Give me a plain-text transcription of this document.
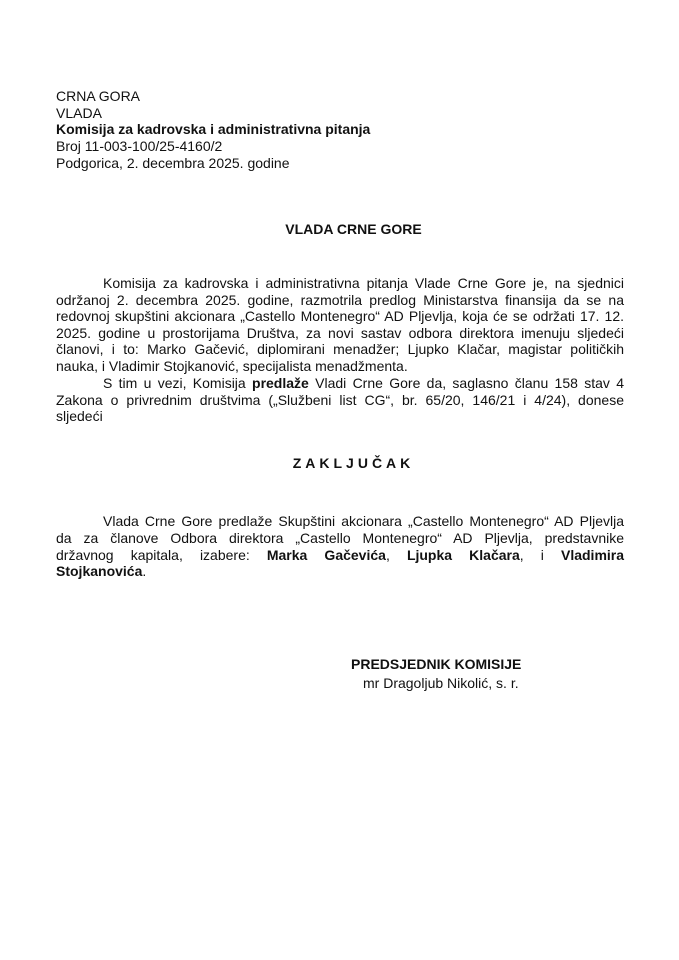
CRNA GORA
VLADA
Komisija za kadrovska i administrativna pitanja
Broj 11-003-100/25-4160/2
Podgorica, 2. decembra 2025. godine
VLADA CRNE GORE
Komisija za kadrovska i administrativna pitanja Vlade Crne Gore je, na sjednici
održanoj 2. decembra 2025. godine, razmotrila predlog Ministarstva finansija da se na
redovnoj skupštini akcionara „Castello Montenegro“ AD Pljevlja, koja će se održati 17. 12.
2025. godine u prostorijama Društva, za novi sastav odbora direktora imenuju sljedeći
članovi, i to: Marko Gačević, diplomirani menadžer; Ljupko Klačar, magistar političkih
nauka, i Vladimir Stojkanović, specijalista menadžmenta.
S tim u vezi, Komisija predlaže Vladi Crne Gore da, saglasno članu 158 stav 4
Zakona o privrednim društvima („Službeni list CG“, br. 65/20, 146/21 i 4/24), donese
sljedeći
ZAKLJUČAK
Vlada Crne Gore predlaže Skupštini akcionara „Castello Montenegro“ AD Pljevlja
da za članove Odbora direktora „Castello Montenegro“ AD Pljevlja, predstavnike
državnog kapitala, izabere: Marka Gačevića, Ljupka Klačara, i Vladimira
Stojkanovića.
PREDSJEDNIK KOMISIJE
mr Dragoljub Nikolić, s. r.
